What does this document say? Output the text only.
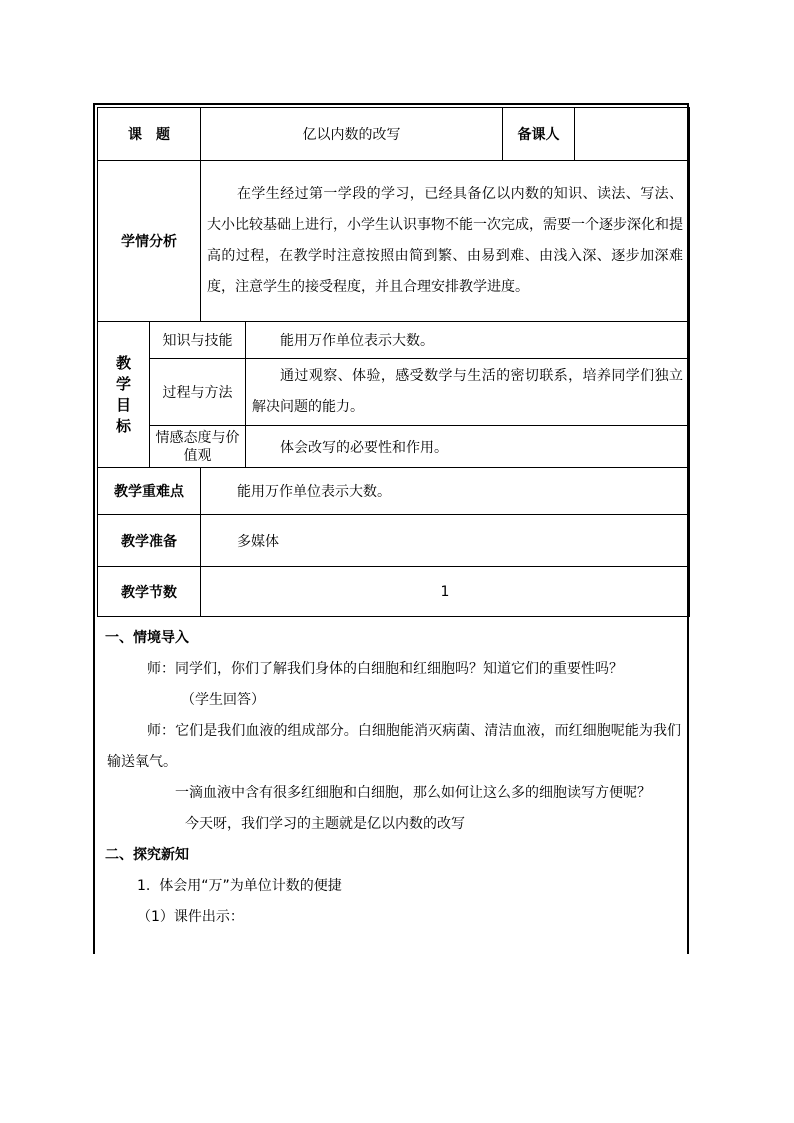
课　题		亿以内数的改写		备课人	
学情分析		在学生经过第一学段的学习，已经具备亿以内数的知识、读法、写法、大小比较基础上进行，小学生认识事物不能一次完成，需要一个逐步深化和提高的过程，在教学时注意按照由简到繁、由易到难、由浅入深、逐步加深难度，注意学生的接受程度，并且合理安排教学进度。			

教
学
目
标	知识与技能		能用万作单位表示大数。		
	过程与方法		通过观察、体验，感受数学与生活的密切联系，培养同学们独立解决问题的能力。		

	情感态度与价值观		体会改写的必要性和作用。		
教学重难点		能用万作单位表示大数。			
教学准备		多媒体			
教学节数		1			

一、情境导入

师：同学们，你们了解我们身体的白细胞和红细胞吗？知道它们的重要性吗？

（学生回答）

师：它们是我们血液的组成部分。白细胞能消灭病菌、清洁血液，而红细胞呢能为我们输送氧气。

一滴血液中含有很多红细胞和白细胞，那么如何让这么多的细胞读写方便呢？

今天呀，我们学习的主题就是亿以内数的改写

二、探究新知

1.  体会用“万”为单位计数的便捷

（1）课件出示：
